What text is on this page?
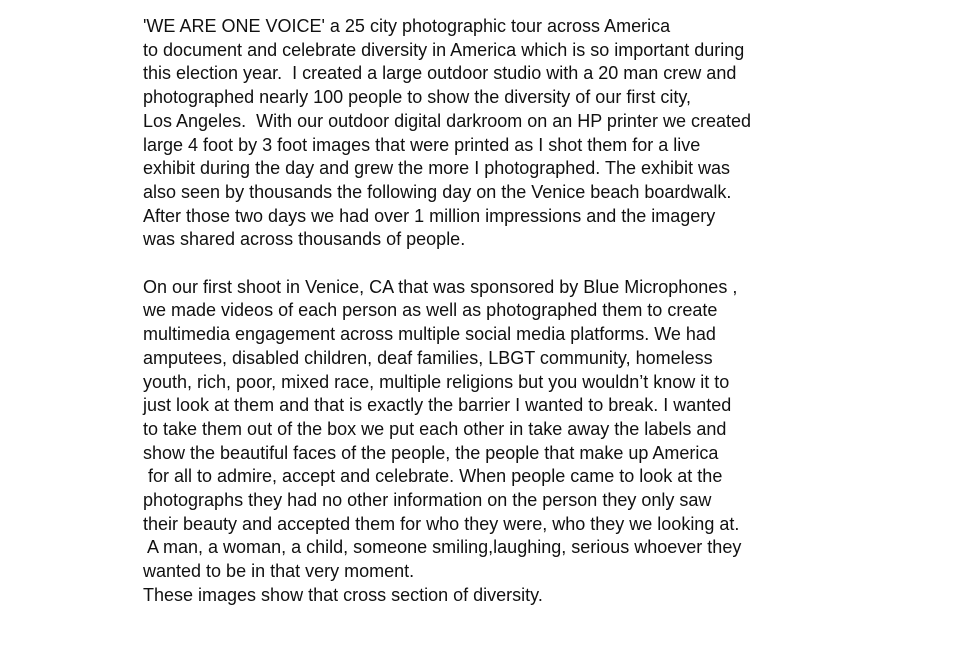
'WE ARE ONE VOICE' a 25 city photographic tour across America
to document and celebrate diversity in America which is so important during
this election year.  I created a large outdoor studio with a 20 man crew and
photographed nearly 100 people to show the diversity of our first city,
Los Angeles.  With our outdoor digital darkroom on an HP printer we created
large 4 foot by 3 foot images that were printed as I shot them for a live
exhibit during the day and grew the more I photographed. The exhibit was
also seen by thousands the following day on the Venice beach boardwalk.
After those two days we had over 1 million impressions and the imagery
was shared across thousands of people.

On our first shoot in Venice, CA that was sponsored by Blue Microphones ,
we made videos of each person as well as photographed them to create
multimedia engagement across multiple social media platforms. We had
amputees, disabled children, deaf families, LBGT community, homeless
youth, rich, poor, mixed race, multiple religions but you wouldn’t know it to
just look at them and that is exactly the barrier I wanted to break. I wanted
to take them out of the box we put each other in take away the labels and
show the beautiful faces of the people, the people that make up America
for all to admire, accept and celebrate. When people came to look at the
photographs they had no other information on the person they only saw
their beauty and accepted them for who they were, who they we looking at.
A man, a woman, a child, someone smiling,laughing, serious whoever they
wanted to be in that very moment.
These images show that cross section of diversity.
